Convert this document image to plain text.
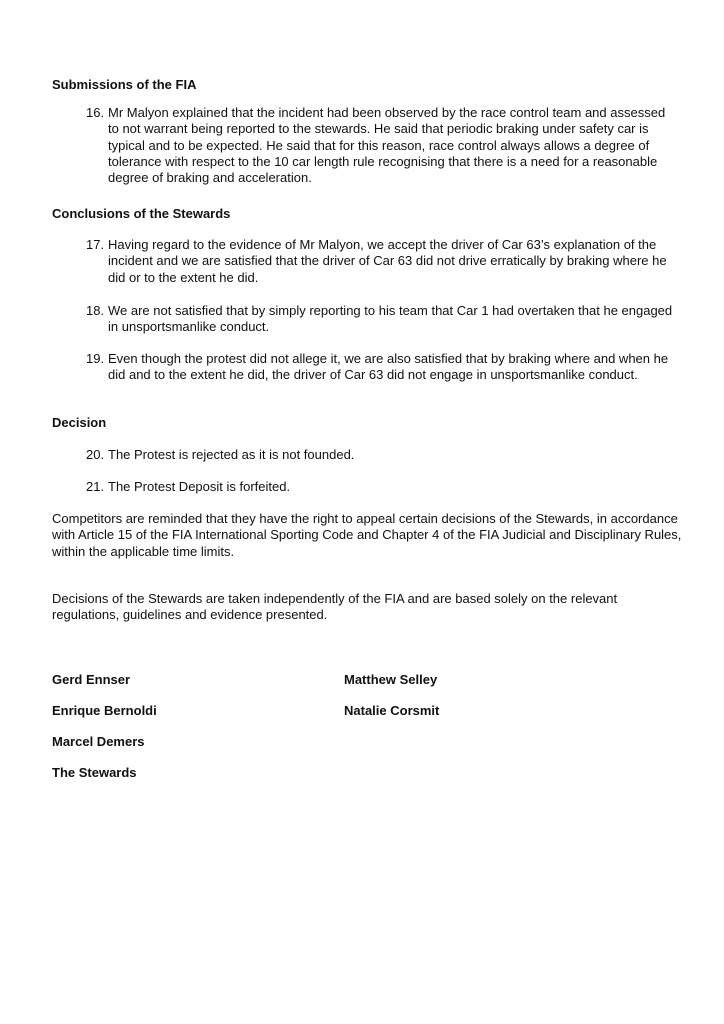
Submissions of the FIA
16. Mr Malyon explained that the incident had been observed by the race control team and assessed to not warrant being reported to the stewards. He said that periodic braking under safety car is typical and to be expected. He said that for this reason, race control always allows a degree of tolerance with respect to the 10 car length rule recognising that there is a need for a reasonable degree of braking and acceleration.
Conclusions of the Stewards
17. Having regard to the evidence of Mr Malyon, we accept the driver of Car 63’s explanation of the incident and we are satisfied that the driver of Car 63 did not drive erratically by braking where he did or to the extent he did.
18. We are not satisfied that by simply reporting to his team that Car 1 had overtaken that he engaged in unsportsmanlike conduct.
19. Even though the protest did not allege it, we are also satisfied that by braking where and when he did and to the extent he did, the driver of Car 63 did not engage in unsportsmanlike conduct.
Decision
20. The Protest is rejected as it is not founded.
21. The Protest Deposit is forfeited.

Competitors are reminded that they have the right to appeal certain decisions of the Stewards, in accordance with Article 15 of the FIA International Sporting Code and Chapter 4 of the FIA Judicial and Disciplinary Rules, within the applicable time limits.

Decisions of the Stewards are taken independently of the FIA and are based solely on the relevant regulations, guidelines and evidence presented.

Gerd Ennser	Matthew Selley
Enrique Bernoldi	Natalie Corsmit
Marcel Demers
The Stewards
